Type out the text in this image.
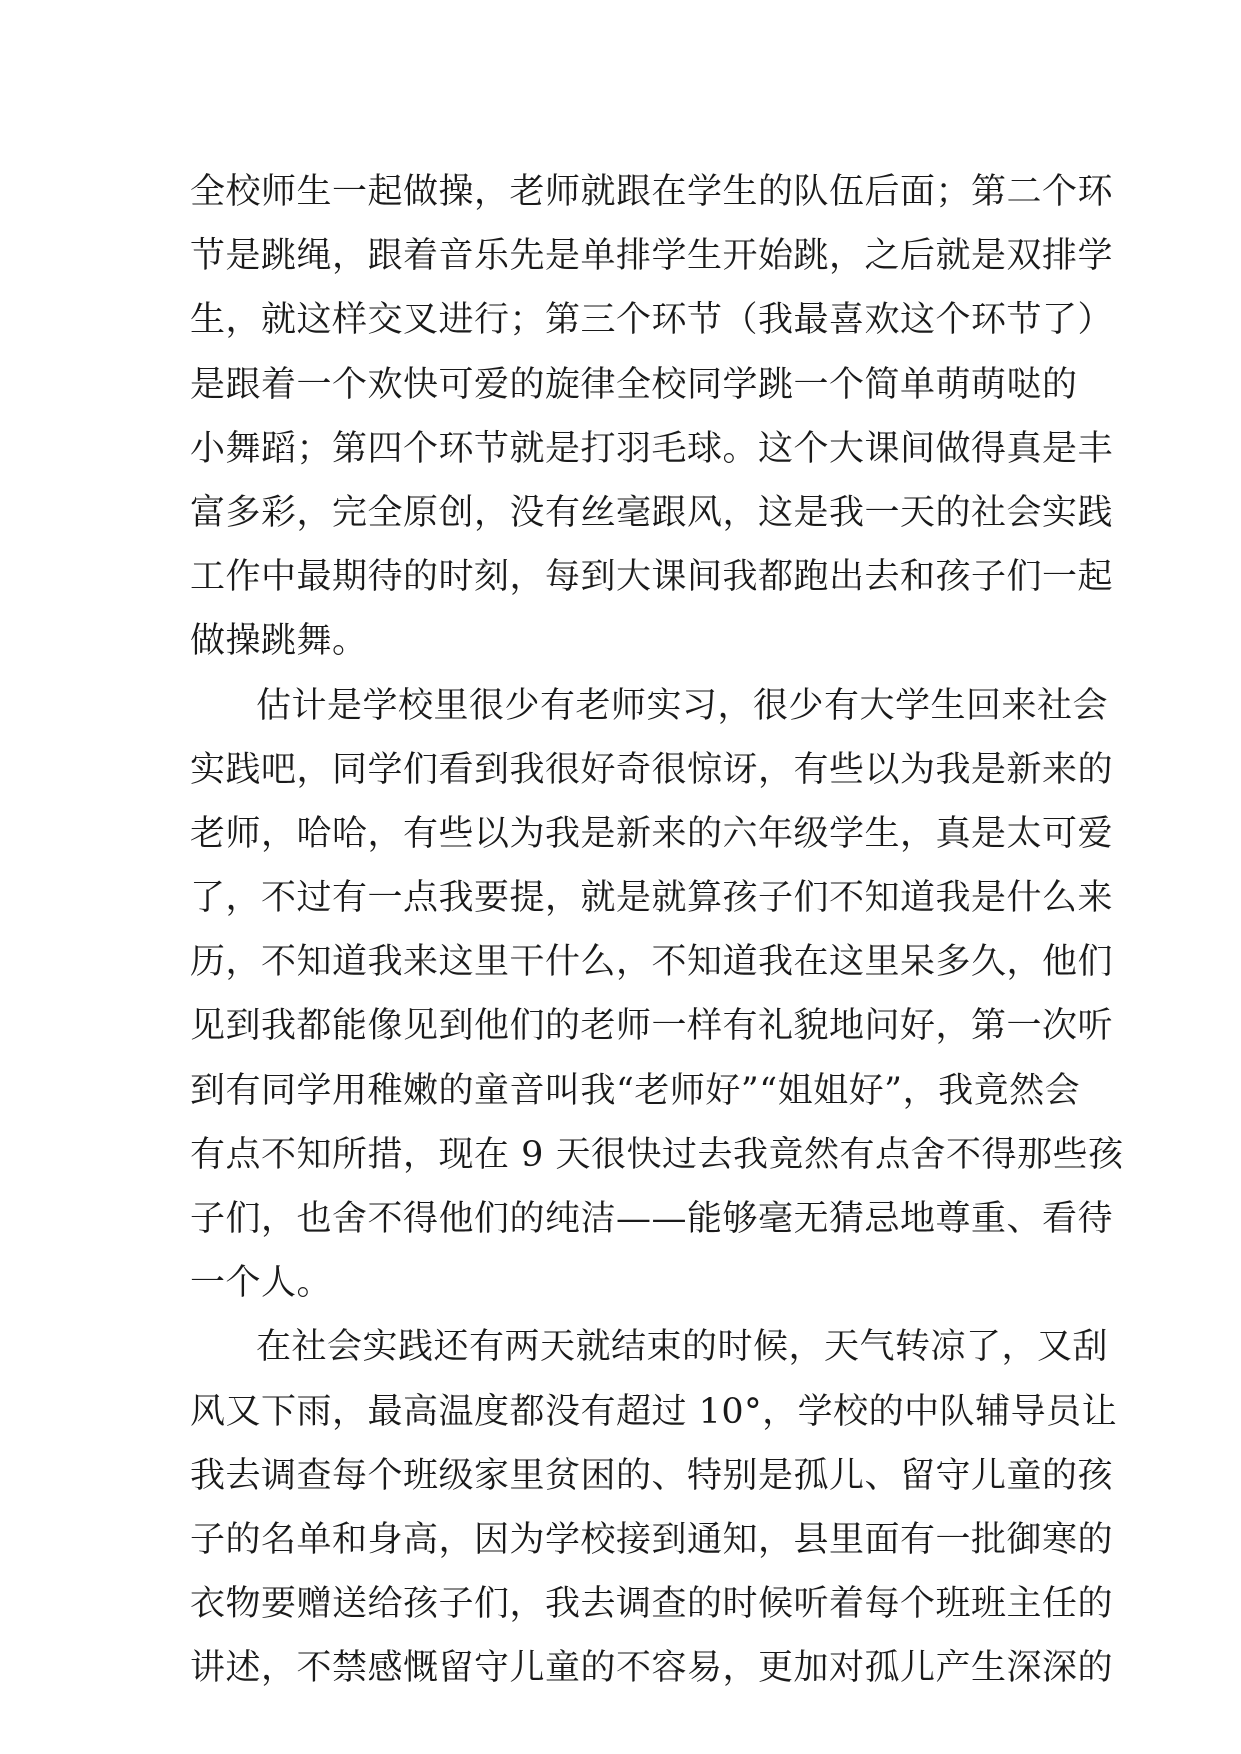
全校师生一起做操，老师就跟在学生的队伍后面；第二个环
节是跳绳，跟着音乐先是单排学生开始跳，之后就是双排学
生，就这样交叉进行；第三个环节（我最喜欢这个环节了）
是跟着一个欢快可爱的旋律全校同学跳一个简单萌萌哒的
小舞蹈；第四个环节就是打羽毛球。这个大课间做得真是丰
富多彩，完全原创，没有丝毫跟风，这是我一天的社会实践
工作中最期待的时刻，每到大课间我都跑出去和孩子们一起
做操跳舞。
估计是学校里很少有老师实习，很少有大学生回来社会
实践吧，同学们看到我很好奇很惊讶，有些以为我是新来的
老师，哈哈，有些以为我是新来的六年级学生，真是太可爱
了，不过有一点我要提，就是就算孩子们不知道我是什么来
历，不知道我来这里干什么，不知道我在这里呆多久，他们
见到我都能像见到他们的老师一样有礼貌地问好，第一次听
到有同学用稚嫩的童音叫我“老师好”“姐姐好”，我竟然会
有点不知所措，现在 9 天很快过去我竟然有点舍不得那些孩
子们，也舍不得他们的纯洁——能够毫无猜忌地尊重、看待
一个人。
在社会实践还有两天就结束的时候，天气转凉了，又刮
风又下雨，最高温度都没有超过 10°，学校的中队辅导员让
我去调查每个班级家里贫困的、特别是孤儿、留守儿童的孩
子的名单和身高，因为学校接到通知，县里面有一批御寒的
衣物要赠送给孩子们，我去调查的时候听着每个班班主任的
讲述，不禁感慨留守儿童的不容易，更加对孤儿产生深深的
